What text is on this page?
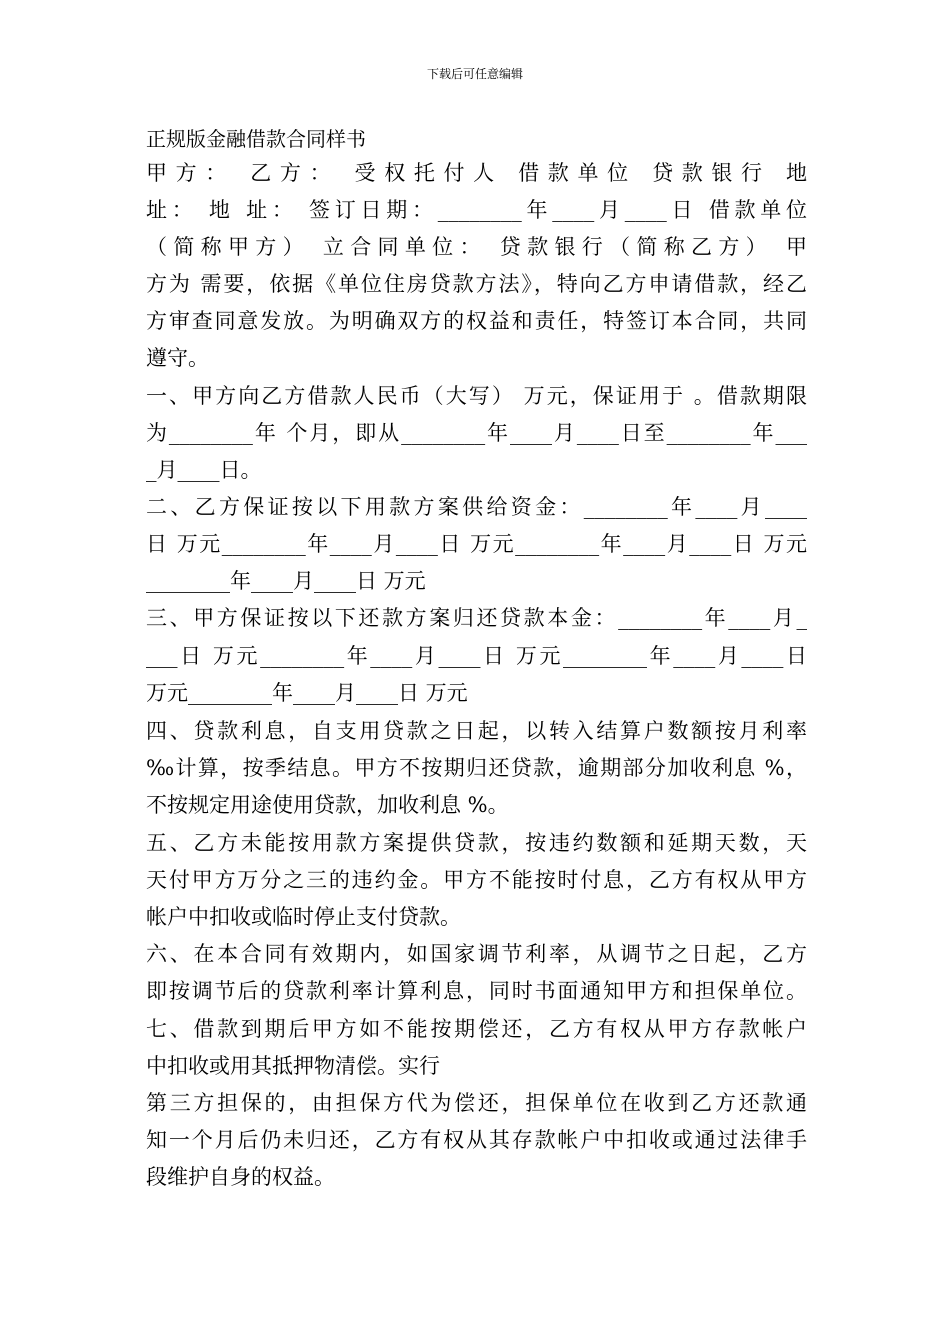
下载后可任意编辑
正规版金融借款合同样书
甲方： 乙方： 受权托付人 借款单位 贷款银行 地
址： 地 址： 签订日期：________年____月____日 借款单位
（简称甲方） 立合同单位： 贷款银行（简称乙方） 甲
方为 需要，依据《单位住房贷款方法》，特向乙方申请借款，经乙
方审查同意发放。为明确双方的权益和责任，特签订本合同，共同
遵守。
一、甲方向乙方借款人民币（大写） 万元，保证用于 。借款期限
为________年 个月，即从________年____月____日至________年___
_月____日。
二、乙方保证按以下用款方案供给资金：________年____月____
日 万元________年____月____日 万元________年____月____日 万元
________年____月____日 万元
三、甲方保证按以下还款方案归还贷款本金：________年____月_
___日 万元________年____月____日 万元________年____月____日
万元________年____月____日 万元
四、贷款利息，自支用贷款之日起，以转入结算户数额按月利率
‰计算，按季结息。甲方不按期归还贷款，逾期部分加收利息 %，
不按规定用途使用贷款，加收利息 %。
五、乙方未能按用款方案提供贷款，按违约数额和延期天数，天
天付甲方万分之三的违约金。甲方不能按时付息，乙方有权从甲方
帐户中扣收或临时停止支付贷款。
六、在本合同有效期内，如国家调节利率，从调节之日起，乙方
即按调节后的贷款利率计算利息，同时书面通知甲方和担保单位。
七、借款到期后甲方如不能按期偿还，乙方有权从甲方存款帐户
中扣收或用其抵押物清偿。实行
第三方担保的，由担保方代为偿还，担保单位在收到乙方还款通
知一个月后仍未归还，乙方有权从其存款帐户中扣收或通过法律手
段维护自身的权益。
